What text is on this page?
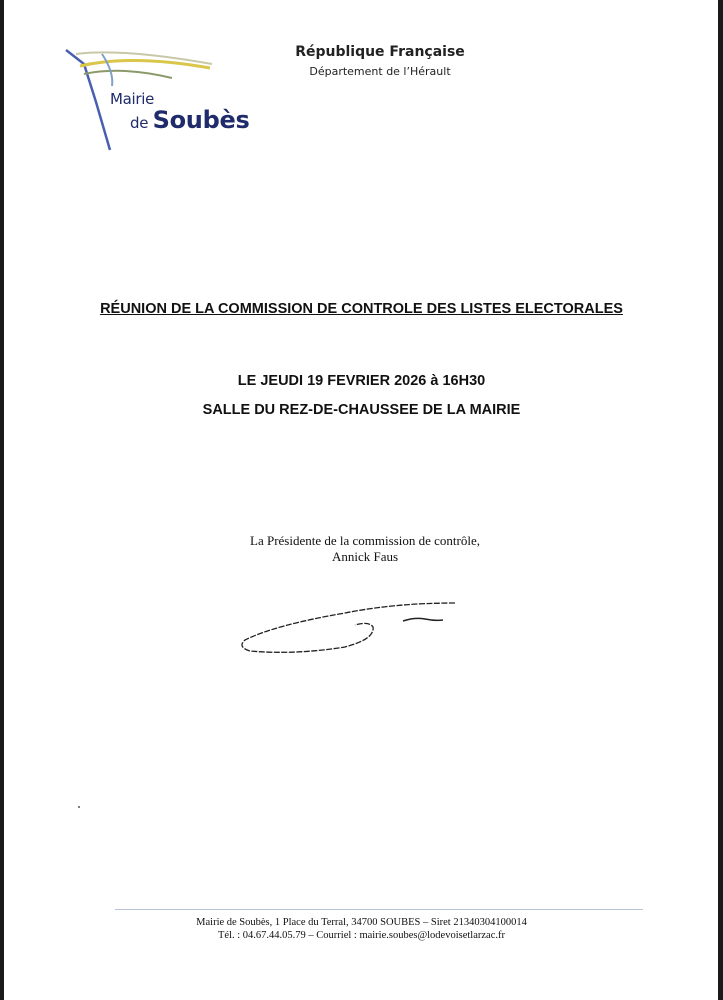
Mairie
de Soubès
République Française
Département de l’Hérault
RÉUNION DE LA COMMISSION DE CONTROLE DES LISTES ELECTORALES
LE JEUDI 19 FEVRIER 2026 à 16H30
SALLE DU REZ-DE-CHAUSSEE DE LA MAIRIE
La Présidente de la commission de contrôle,
Annick Faus
Mairie de Soubès, 1 Place du Terral, 34700 SOUBES – Siret 21340304100014
Tél. : 04.67.44.05.79 – Courriel : mairie.soubes@lodevoisetlarzac.fr
